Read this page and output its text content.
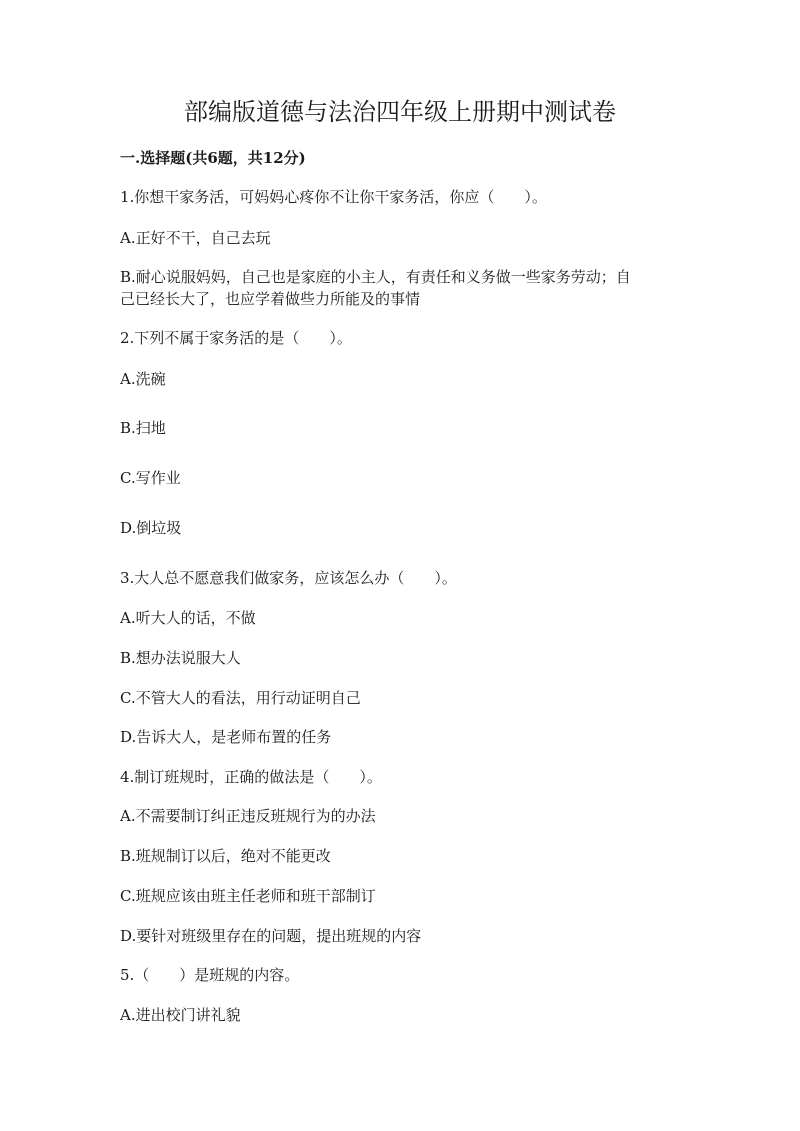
部编版道德与法治四年级上册期中测试卷

一.选择题(共6题，共12分)

1.你想干家务活，可妈妈心疼你不让你干家务活，你应（　　）。

A.正好不干，自己去玩

B.耐心说服妈妈，自己也是家庭的小主人，有责任和义务做一些家务劳动；自

己已经长大了，也应学着做些力所能及的事情

2.下列不属于家务活的是（　　）。

A.洗碗

B.扫地

C.写作业

D.倒垃圾

3.大人总不愿意我们做家务，应该怎么办（　　）。

A.听大人的话，不做

B.想办法说服大人

C.不管大人的看法，用行动证明自己

D.告诉大人，是老师布置的任务

4.制订班规时，正确的做法是（　　）。

A.不需要制订纠正违反班规行为的办法

B.班规制订以后，绝对不能更改

C.班规应该由班主任老师和班干部制订

D.要针对班级里存在的问题，提出班规的内容

5.（　　）是班规的内容。

A.进出校门讲礼貌
